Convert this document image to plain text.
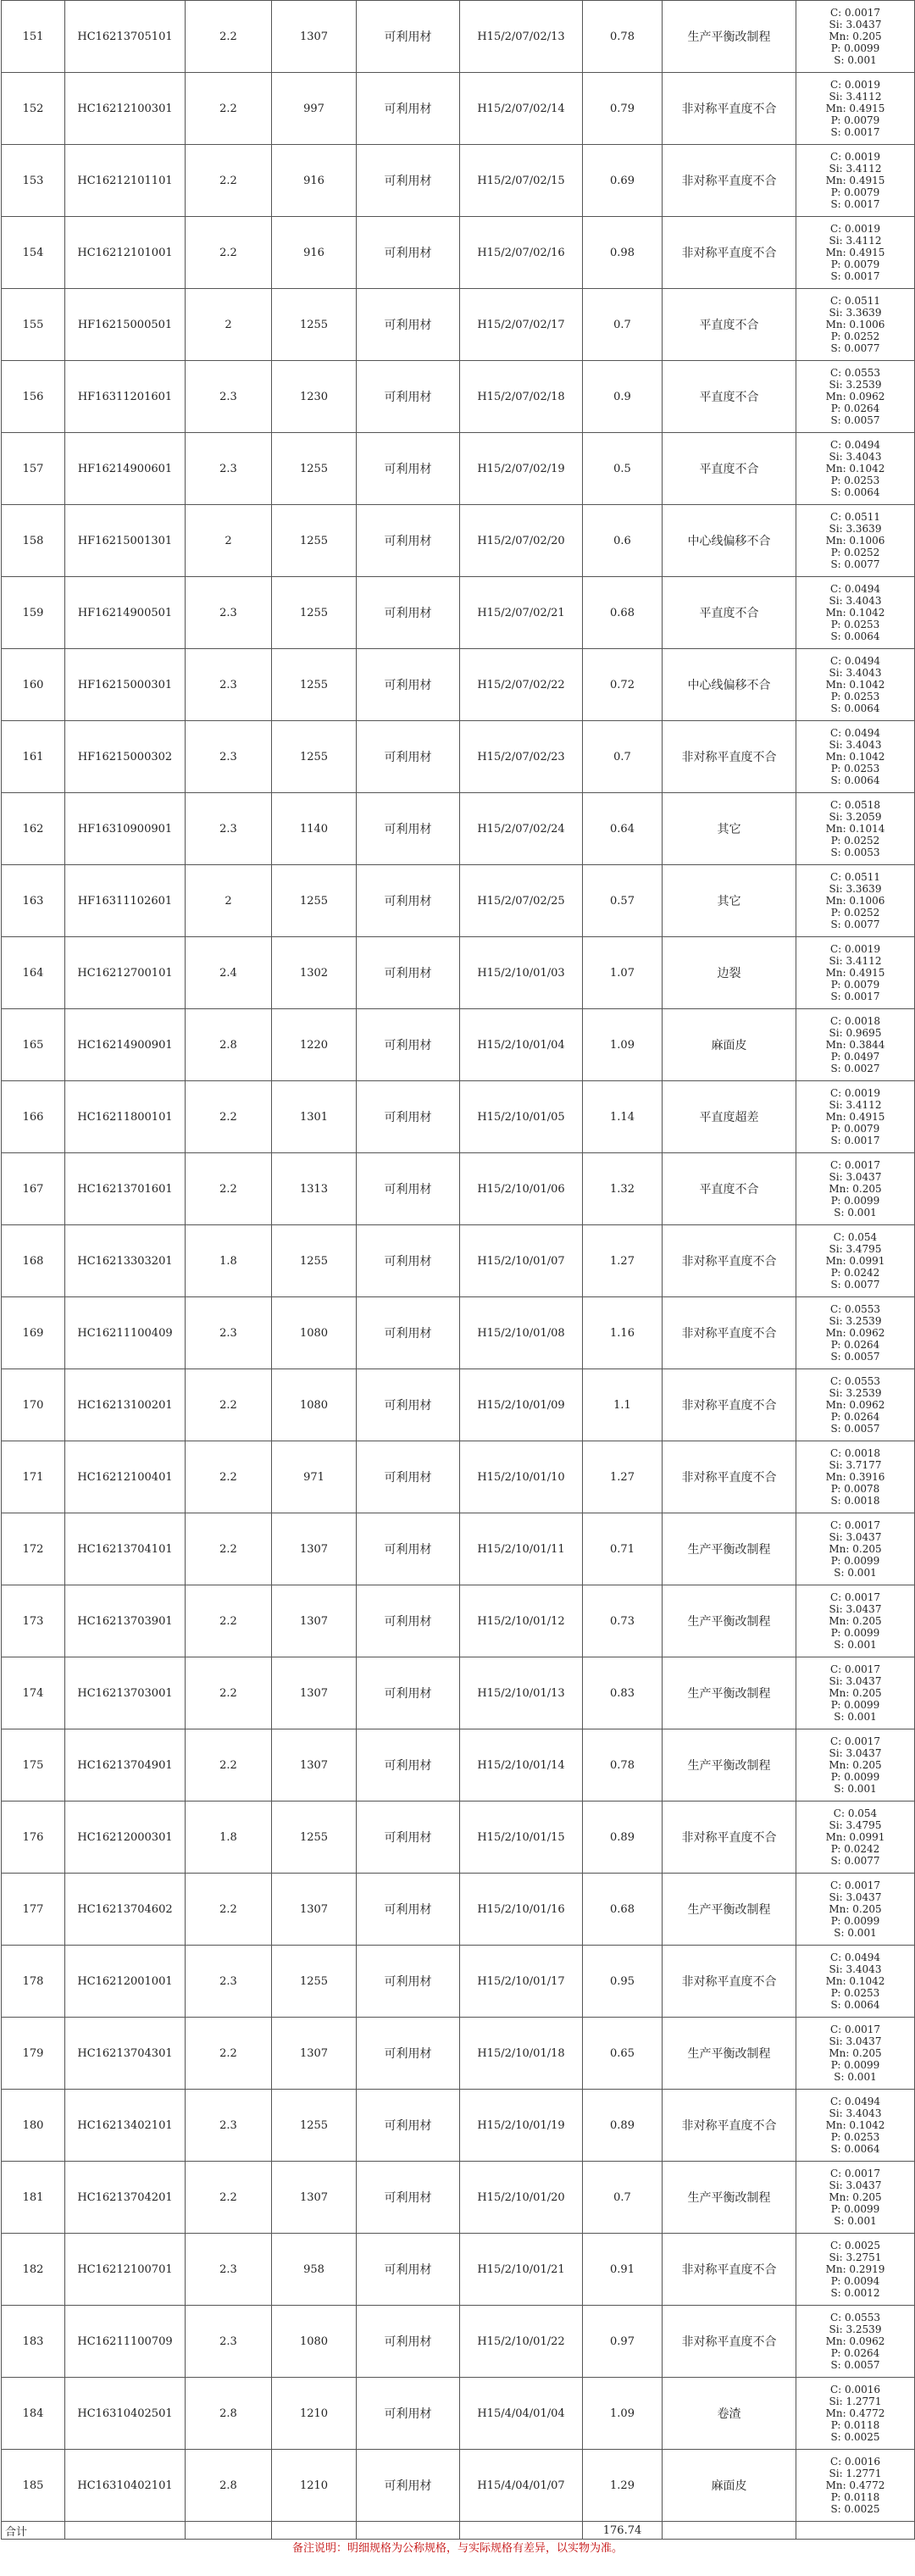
151	HC16213705101	2.2	1307	可利用材	H15/2/07/02/13	0.78	生产平衡改制程	C: 0.0017
Si: 3.0437
Mn: 0.205
P: 0.0099
S: 0.001

152	HC16212100301	2.2	997	可利用材	H15/2/07/02/14	0.79	非对称平直度不合	C: 0.0019
Si: 3.4112
Mn: 0.4915
P: 0.0079
S: 0.0017

153	HC16212101101	2.2	916	可利用材	H15/2/07/02/15	0.69	非对称平直度不合	C: 0.0019
Si: 3.4112
Mn: 0.4915
P: 0.0079
S: 0.0017

154	HC16212101001	2.2	916	可利用材	H15/2/07/02/16	0.98	非对称平直度不合	C: 0.0019
Si: 3.4112
Mn: 0.4915
P: 0.0079
S: 0.0017

155	HF16215000501	2	1255	可利用材	H15/2/07/02/17	0.7	平直度不合	C: 0.0511
Si: 3.3639
Mn: 0.1006
P: 0.0252
S: 0.0077

156	HF16311201601	2.3	1230	可利用材	H15/2/07/02/18	0.9	平直度不合	C: 0.0553
Si: 3.2539
Mn: 0.0962
P: 0.0264
S: 0.0057

157	HF16214900601	2.3	1255	可利用材	H15/2/07/02/19	0.5	平直度不合	C: 0.0494
Si: 3.4043
Mn: 0.1042
P: 0.0253
S: 0.0064

158	HF16215001301	2	1255	可利用材	H15/2/07/02/20	0.6	中心线偏移不合	C: 0.0511
Si: 3.3639
Mn: 0.1006
P: 0.0252
S: 0.0077

159	HF16214900501	2.3	1255	可利用材	H15/2/07/02/21	0.68	平直度不合	C: 0.0494
Si: 3.4043
Mn: 0.1042
P: 0.0253
S: 0.0064

160	HF16215000301	2.3	1255	可利用材	H15/2/07/02/22	0.72	中心线偏移不合	C: 0.0494
Si: 3.4043
Mn: 0.1042
P: 0.0253
S: 0.0064

161	HF16215000302	2.3	1255	可利用材	H15/2/07/02/23	0.7	非对称平直度不合	C: 0.0494
Si: 3.4043
Mn: 0.1042
P: 0.0253
S: 0.0064

162	HF16310900901	2.3	1140	可利用材	H15/2/07/02/24	0.64	其它	C: 0.0518
Si: 3.2059
Mn: 0.1014
P: 0.0252
S: 0.0053

163	HF16311102601	2	1255	可利用材	H15/2/07/02/25	0.57	其它	C: 0.0511
Si: 3.3639
Mn: 0.1006
P: 0.0252
S: 0.0077

164	HC16212700101	2.4	1302	可利用材	H15/2/10/01/03	1.07	边裂	C: 0.0019
Si: 3.4112
Mn: 0.4915
P: 0.0079
S: 0.0017

165	HC16214900901	2.8	1220	可利用材	H15/2/10/01/04	1.09	麻面皮	C: 0.0018
Si: 0.9695
Mn: 0.3844
P: 0.0497
S: 0.0027

166	HC16211800101	2.2	1301	可利用材	H15/2/10/01/05	1.14	平直度超差	C: 0.0019
Si: 3.4112
Mn: 0.4915
P: 0.0079
S: 0.0017

167	HC16213701601	2.2	1313	可利用材	H15/2/10/01/06	1.32	平直度不合	C: 0.0017
Si: 3.0437
Mn: 0.205
P: 0.0099
S: 0.001

168	HC16213303201	1.8	1255	可利用材	H15/2/10/01/07	1.27	非对称平直度不合	C: 0.054
Si: 3.4795
Mn: 0.0991
P: 0.0242
S: 0.0077

169	HC16211100409	2.3	1080	可利用材	H15/2/10/01/08	1.16	非对称平直度不合	C: 0.0553
Si: 3.2539
Mn: 0.0962
P: 0.0264
S: 0.0057

170	HC16213100201	2.2	1080	可利用材	H15/2/10/01/09	1.1	非对称平直度不合	C: 0.0553
Si: 3.2539
Mn: 0.0962
P: 0.0264
S: 0.0057

171	HC16212100401	2.2	971	可利用材	H15/2/10/01/10	1.27	非对称平直度不合	C: 0.0018
Si: 3.7177
Mn: 0.3916
P: 0.0078
S: 0.0018

172	HC16213704101	2.2	1307	可利用材	H15/2/10/01/11	0.71	生产平衡改制程	C: 0.0017
Si: 3.0437
Mn: 0.205
P: 0.0099
S: 0.001

173	HC16213703901	2.2	1307	可利用材	H15/2/10/01/12	0.73	生产平衡改制程	C: 0.0017
Si: 3.0437
Mn: 0.205
P: 0.0099
S: 0.001

174	HC16213703001	2.2	1307	可利用材	H15/2/10/01/13	0.83	生产平衡改制程	C: 0.0017
Si: 3.0437
Mn: 0.205
P: 0.0099
S: 0.001

175	HC16213704901	2.2	1307	可利用材	H15/2/10/01/14	0.78	生产平衡改制程	C: 0.0017
Si: 3.0437
Mn: 0.205
P: 0.0099
S: 0.001

176	HC16212000301	1.8	1255	可利用材	H15/2/10/01/15	0.89	非对称平直度不合	C: 0.054
Si: 3.4795
Mn: 0.0991
P: 0.0242
S: 0.0077

177	HC16213704602	2.2	1307	可利用材	H15/2/10/01/16	0.68	生产平衡改制程	C: 0.0017
Si: 3.0437
Mn: 0.205
P: 0.0099
S: 0.001

178	HC16212001001	2.3	1255	可利用材	H15/2/10/01/17	0.95	非对称平直度不合	C: 0.0494
Si: 3.4043
Mn: 0.1042
P: 0.0253
S: 0.0064

179	HC16213704301	2.2	1307	可利用材	H15/2/10/01/18	0.65	生产平衡改制程	C: 0.0017
Si: 3.0437
Mn: 0.205
P: 0.0099
S: 0.001

180	HC16213402101	2.3	1255	可利用材	H15/2/10/01/19	0.89	非对称平直度不合	C: 0.0494
Si: 3.4043
Mn: 0.1042
P: 0.0253
S: 0.0064

181	HC16213704201	2.2	1307	可利用材	H15/2/10/01/20	0.7	生产平衡改制程	C: 0.0017
Si: 3.0437
Mn: 0.205
P: 0.0099
S: 0.001

182	HC16212100701	2.3	958	可利用材	H15/2/10/01/21	0.91	非对称平直度不合	C: 0.0025
Si: 3.2751
Mn: 0.2919
P: 0.0094
S: 0.0012

183	HC16211100709	2.3	1080	可利用材	H15/2/10/01/22	0.97	非对称平直度不合	C: 0.0553
Si: 3.2539
Mn: 0.0962
P: 0.0264
S: 0.0057

184	HC16310402501	2.8	1210	可利用材	H15/4/04/01/04	1.09	卷渣	C: 0.0016
Si: 1.2771
Mn: 0.4772
P: 0.0118
S: 0.0025

185	HC16310402101	2.8	1210	可利用材	H15/4/04/01/07	1.29	麻面皮	C: 0.0016
Si: 1.2771
Mn: 0.4772
P: 0.0118
S: 0.0025

合计						176.74		
备注说明：明细规格为公称规格，与实际规格有差异，以实物为准。
